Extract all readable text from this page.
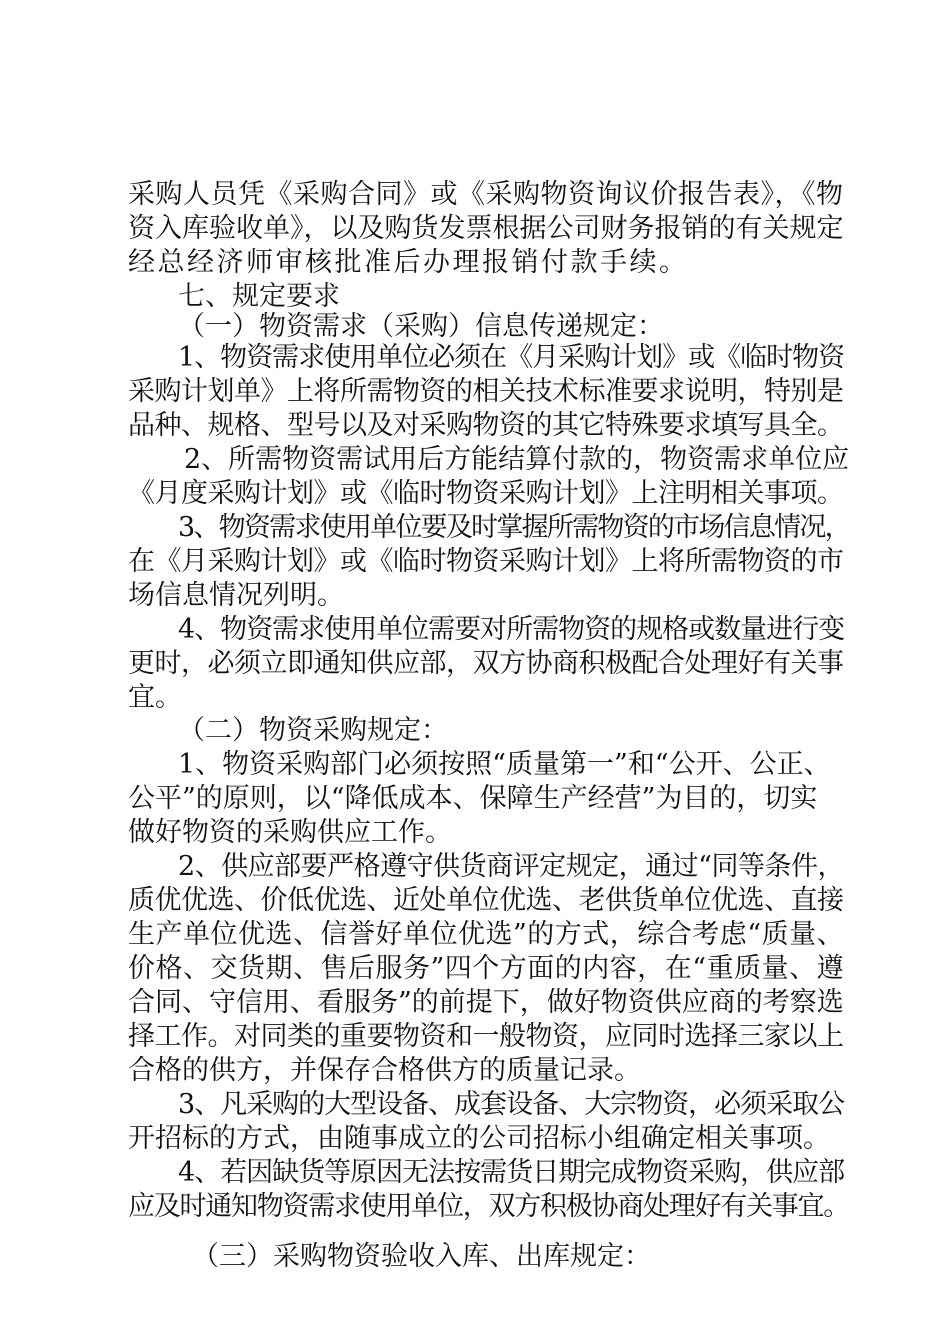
采购人员凭《采购合同》或《采购物资询议价报告表》，《物
资入库验收单》，以及购货发票根据公司财务报销的有关规定
经总经济师审核批准后办理报销付款手续。
七、规定要求
（一）物资需求（采购）信息传递规定：
1、物资需求使用单位必须在《月采购计划》或《临时物资
采购计划单》上将所需物资的相关技术标准要求说明，特别是
品种、规格、型号以及对采购物资的其它特殊要求填写具全。
2、所需物资需试用后方能结算付款的，物资需求单位应
《月度采购计划》或《临时物资采购计划》上注明相关事项。
3、物资需求使用单位要及时掌握所需物资的市场信息情况，
在《月采购计划》或《临时物资采购计划》上将所需物资的市
场信息情况列明。
4、物资需求使用单位需要对所需物资的规格或数量进行变
更时，必须立即通知供应部，双方协商积极配合处理好有关事
宜。
（二）物资采购规定：
1、物资采购部门必须按照“质量第一”和“公开、公正、
公平”的原则，以“降低成本、保障生产经营”为目的，切实
做好物资的采购供应工作。
2、供应部要严格遵守供货商评定规定，通过“同等条件，
质优优选、价低优选、近处单位优选、老供货单位优选、直接
生产单位优选、信誉好单位优选”的方式，综合考虑“质量、
价格、交货期、售后服务”四个方面的内容，在“重质量、遵
合同、守信用、看服务”的前提下，做好物资供应商的考察选
择工作。对同类的重要物资和一般物资，应同时选择三家以上
合格的供方，并保存合格供方的质量记录。
3、凡采购的大型设备、成套设备、大宗物资，必须采取公
开招标的方式，由随事成立的公司招标小组确定相关事项。
4、若因缺货等原因无法按需货日期完成物资采购，供应部
应及时通知物资需求使用单位，双方积极协商处理好有关事宜。
（三）采购物资验收入库、出库规定：
